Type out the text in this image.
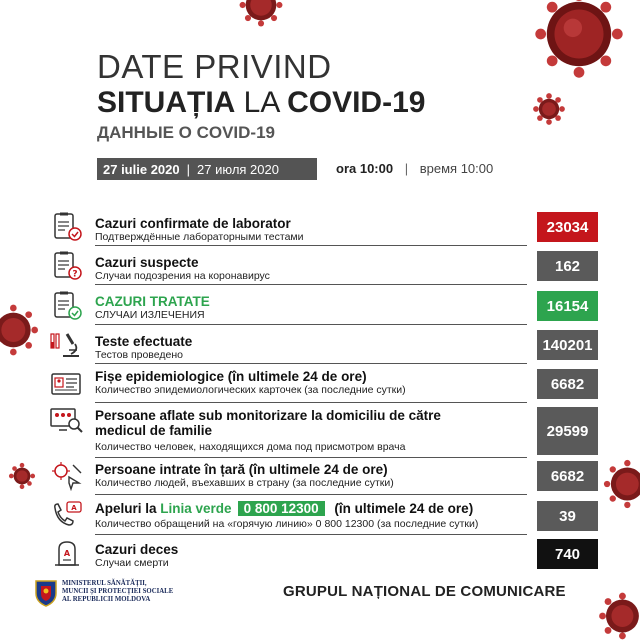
DATE PRIVIND
SITUAȚIA LA COVID-19
ДАННЫЕ О COVID-19
27 iulie 2020 | 27 июля 2020	ora 10:00 | время 10:00
Cazuri confirmate de laborator
Подтверждённые лабораторными тестами
23034
?
Cazuri suspecte
Случаи подозрения на коронавирус
162
CAZURI TRATATE
СЛУЧАИ ИЗЛЕЧЕНИЯ
16154
Teste efectuate
Тестов проведено
140201
Fișe epidemiologice (în ultimele 24 de ore)
Количество эпидемиологических карточек (за последние сутки)	6682
Persoane aflate sub monitorizare la domiciliu de către
medicul de familie
Количество человек, находящихся дома под присмотром врача
29599
Persoane intrate în țară (în ultimele 24 de ore)
Количество людей, въехавших в страну (за последние сутки)	6682
A Apeluri la Linia verde 0 800 12300 (în ultimele 24 de ore)
Количество обращений на «горячую линию» 0 800 12300 (за последние сутки)	39
A Cazuri deces
Случаи смерти
740
MINISTERUL SĂNĂTĂȚII,
MUNCII ȘI PROTECȚIEI SOCIALE
AL REPUBLICII MOLDOVA	GRUPUL NAȚIONAL DE COMUNICARE
